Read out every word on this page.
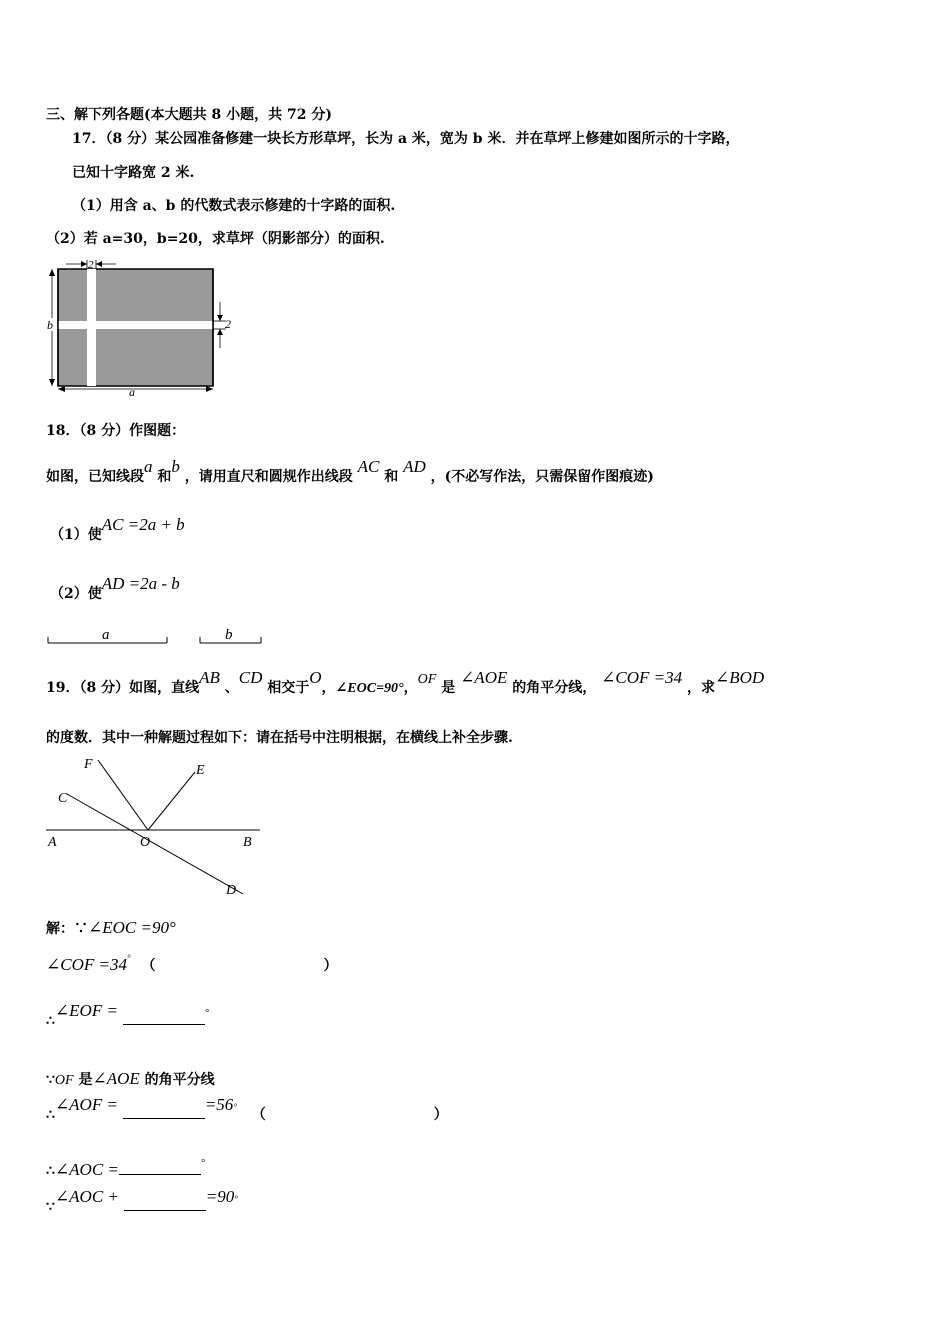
三、解下列各题(本大题共 8 小题，共 72 分)
17．（8 分）某公园准备修建一块长方形草坪，长为 a 米，宽为 b 米．并在草坪上修建如图所示的十字路，
已知十字路宽 2 米.
（1）用含 a、b 的代数式表示修建的十字路的面积.
（2）若 a=30，b=20，求草坪（阴影部分）的面积.
2
2
b
a
18．（8 分）作图题：
如图，已知线段a 和b ，请用直尺和圆规作出线段 AC 和 AD ，(不必写作法，只需保留作图痕迹)
（1）使AC =2a + b
（2）使AD =2a - b
a	b
19．（8 分）如图，直线AB 、CD 相交于O，∠EOC=90°，OF 是 ∠AOE 的角平分线， ∠COF =34 ，求∠BOD
的度数．其中一种解题过程如下：请在括号中注明根据，在横线上补全步骤.
F	E
C
A	O	B
D
解：∵∠EOC =90°
∠COF =34° （	）
∴∠EOF =	°
∵OF 是∠AOE 的角平分线
∴∠AOF =	=56° （	）
∴∠AOC =	°
∵∠AOC +	=90°
